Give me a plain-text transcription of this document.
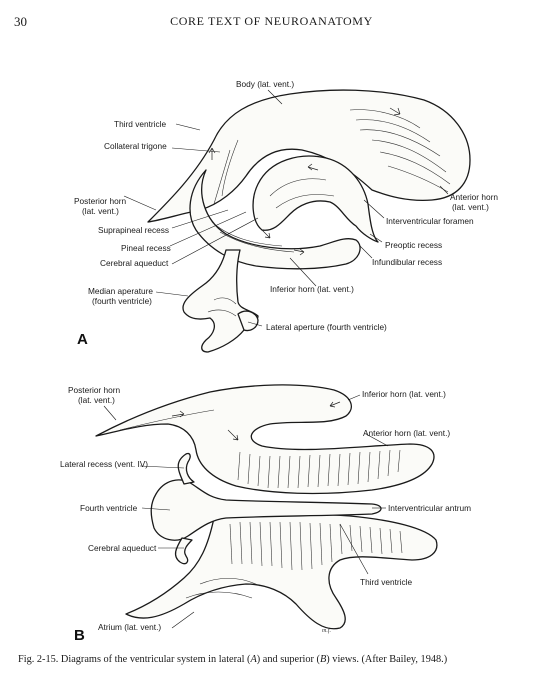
30	CORE TEXT OF NEUROANATOMY
Body (lat. vent.)
Third ventricle
Collateral trigone
Posterior horn
(lat. vent.)
Anterior horn
(lat. vent.)
Interventricular foramen
Suprapineal recess
Pineal recess
Cerebral aqueduct
Preoptic recess
Infundibular recess
Inferior horn (lat. vent.)
Median aperature
(fourth ventricle)
Lateral aperture (fourth ventricle)
A
Posterior horn
(lat. vent.)
Inferior horn (lat. vent.)
Anterior horn (lat. vent.)
Lateral recess (vent. IV)
Fourth ventricle	Interventricular antrum
Cerebral aqueduct
Third ventricle
Atrium (lat. vent.)	m.f.
B
Fig. 2-15. Diagrams of the ventricular system in lateral (A) and superior (B) views. (After Bailey, 1948.)
